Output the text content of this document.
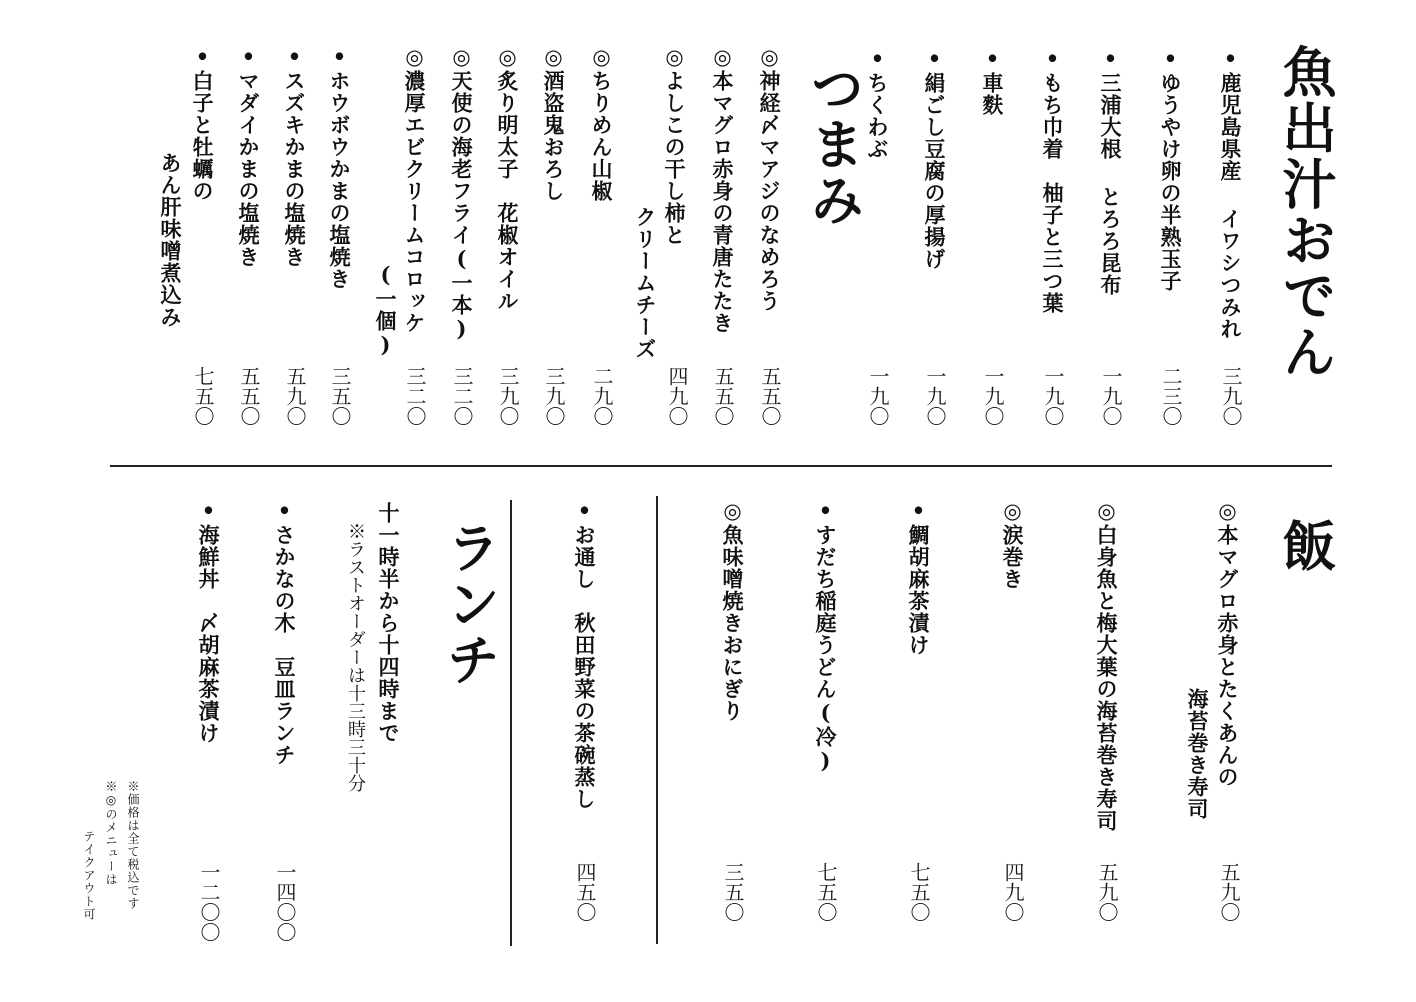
魚出汁おでん
•鹿児島県産 イワシつみれ
三九〇
•ゆうやけ卵の半熟玉子
二三〇
•三浦大根 とろろ昆布
一九〇
•もち巾着　柚子と三つ葉
一九〇
•車麩
一九〇
•絹ごし豆腐の厚揚げ
一九〇
•ちくわぶ
一九〇
つまみ
◎神経〆マアジのなめろう
五五〇
◎本マグロ赤身の青唐たたき
五五〇
◎よしこの干し柿と
クリームチーズ
四九〇
◎ちりめん山椒
二九〇
◎酒盗鬼おろし
三九〇
◎炙り明太子　花椒オイル
三九〇
◎天使の海老フライ(一本)
三二〇
◎濃厚エビクリームコロッケ
(一個)
三二〇
•ホウボウかまの塩焼き
三五〇
•スズキかまの塩焼き
五九〇
•マダイかまの塩焼き
五五〇
•白子と牡蠣の
あん肝味噌煮込み
七五〇
飯
◎本マグロ赤身とたくあんの
海苔巻き寿司
五九〇
◎白身魚と梅大葉の海苔巻き寿司
五九〇
◎涙巻き
四九〇
•鯛胡麻茶漬け
七五〇
•すだち稲庭うどん(冷)
七五〇
◎魚味噌焼きおにぎり
三五〇
•お通し　秋田野菜の茶碗蒸し
四五〇
ランチ
十一時半から十四時まで
※ラストオーダーは十三時三十分
•さかなの木　豆皿ランチ
一四〇〇
•海鮮丼　〆胡麻茶漬け
一二〇〇
※価格は全て税込です
※◎のメニューは
テイクアウト可
